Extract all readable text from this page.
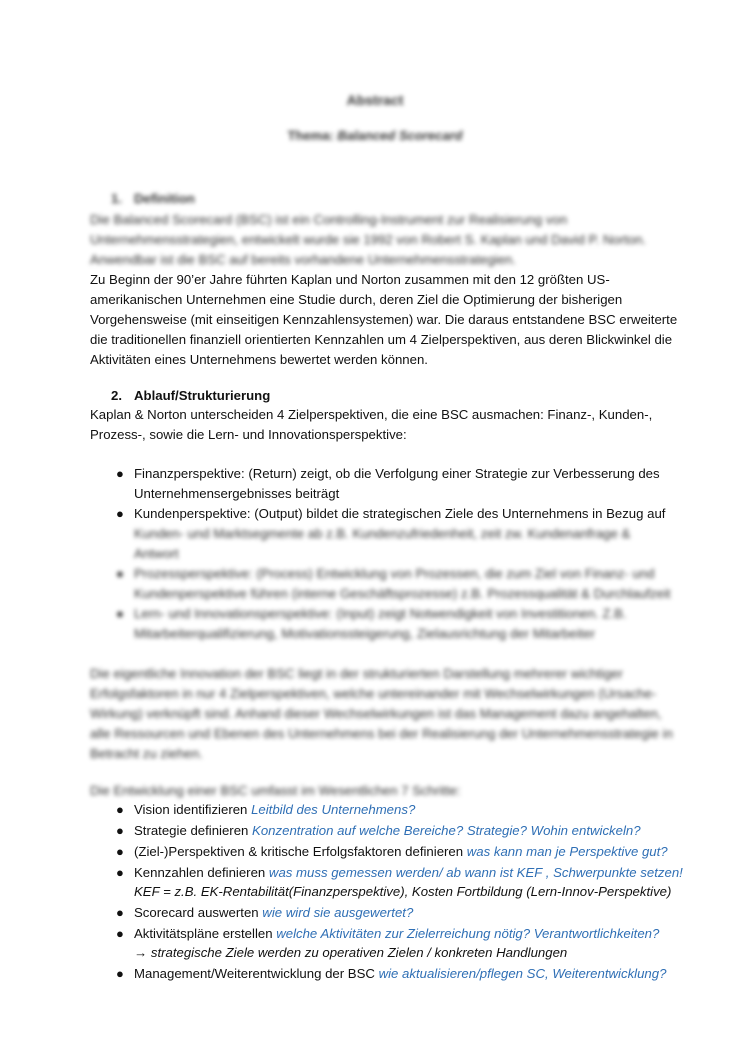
Abstract
Thema: Balanced Scorecard
1. Definition
Die Balanced Scorecard (BSC) ist ein Controlling-Instrument zur Realisierung von
Unternehmensstrategien, entwickelt wurde sie 1992 von Robert S. Kaplan und David P. Norton.
Anwendbar ist die BSC auf bereits vorhandene Unternehmensstrategien.
Zu Beginn der 90’er Jahre führten Kaplan und Norton zusammen mit den 12 größten US-
amerikanischen Unternehmen eine Studie durch, deren Ziel die Optimierung der bisherigen
Vorgehensweise (mit einseitigen Kennzahlensystemen) war. Die daraus entstandene BSC erweiterte
die traditionellen finanziell orientierten Kennzahlen um 4 Zielperspektiven, aus deren Blickwinkel die
Aktivitäten eines Unternehmens bewertet werden können.
2. Ablauf/Strukturierung
Kaplan & Norton unterscheiden 4 Zielperspektiven, die eine BSC ausmachen: Finanz-, Kunden-,
Prozess-, sowie die Lern- und Innovationsperspektive:
● Finanzperspektive: (Return) zeigt, ob die Verfolgung einer Strategie zur Verbesserung des
Unternehmensergebnisses beiträgt
● Kundenperspektive: (Output) bildet die strategischen Ziele des Unternehmens in Bezug auf
Kunden- und Marktsegmente ab z.B. Kundenzufriedenheit, zeit zw. Kundenanfrage &
Antwort
● Prozessperspektive: (Process) Entwicklung von Prozessen, die zum Ziel von Finanz- und
Kundenperspektive führen (interne Geschäftsprozesse) z.B. Prozessqualität & Durchlaufzeit
● Lern- und Innovationsperspektive: (Input) zeigt Notwendigkeit von Investitionen. Z.B.
Mitarbeiterqualifizierung, Motivationssteigerung, Zielausrichtung der Mitarbeiter
Die eigentliche Innovation der BSC liegt in der strukturierten Darstellung mehrerer wichtiger
Erfolgsfaktoren in nur 4 Zielperspektiven, welche untereinander mit Wechselwirkungen (Ursache-
Wirkung) verknüpft sind. Anhand dieser Wechselwirkungen ist das Management dazu angehalten,
alle Ressourcen und Ebenen des Unternehmens bei der Realisierung der Unternehmensstrategie in
Betracht zu ziehen.
Die Entwicklung einer BSC umfasst im Wesentlichen 7 Schritte:
● Vision identifizieren Leitbild des Unternehmens?
● Strategie definieren Konzentration auf welche Bereiche? Strategie? Wohin entwickeln?
● (Ziel-)Perspektiven & kritische Erfolgsfaktoren definieren was kann man je Perspektive gut?
● Kennzahlen definieren was muss gemessen werden/ ab wann ist KEF , Schwerpunkte setzen!
KEF = z.B. EK-Rentabilität(Finanzperspektive), Kosten Fortbildung (Lern-Innov-Perspektive)
● Scorecard auswerten wie wird sie ausgewertet?
● Aktivitätspläne erstellen welche Aktivitäten zur Zielerreichung nötig? Verantwortlichkeiten?
→ strategische Ziele werden zu operativen Zielen / konkreten Handlungen
● Management/Weiterentwicklung der BSC wie aktualisieren/pflegen SC, Weiterentwicklung?
